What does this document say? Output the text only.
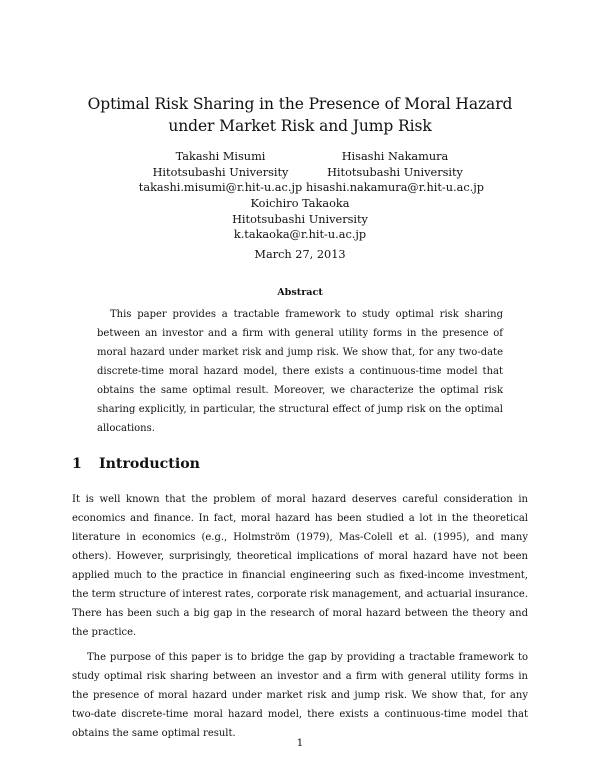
Optimal Risk Sharing in the Presence of Moral Hazard
under Market Risk and Jump Risk
Takashi Misumi
Hitotsubashi University
takashi.misumi@r.hit-u.ac.jp
Hisashi Nakamura
Hitotsubashi University
hisashi.nakamura@r.hit-u.ac.jp
Koichiro Takaoka
Hitotsubashi University
k.takaoka@r.hit-u.ac.jp
March 27, 2013
Abstract
This paper provides a tractable framework to study optimal risk sharing between an investor and a firm with general utility forms in the presence of moral hazard under market risk and jump risk. We show that, for any two-date discrete-time moral hazard model, there exists a continuous-time model that obtains the same optimal result. Moreover, we characterize the optimal risk sharing explicitly, in particular, the structural effect of jump risk on the optimal allocations.
1 Introduction
It is well known that the problem of moral hazard deserves careful consideration in economics and finance. In fact, moral hazard has been studied a lot in the theoretical literature in economics (e.g., Holmström (1979), Mas-Colell et al. (1995), and many others). However, surprisingly, theoretical implications of moral hazard have not been applied much to the practice in financial engineering such as fixed-income investment, the term structure of interest rates, corporate risk management, and actuarial insurance. There has been such a big gap in the research of moral hazard between the theory and the practice.
The purpose of this paper is to bridge the gap by providing a tractable framework to study optimal risk sharing between an investor and a firm with general utility forms in the presence of moral hazard under market risk and jump risk. We show that, for any two-date discrete-time moral hazard model, there exists a continuous-time model that obtains the same optimal result.
1
